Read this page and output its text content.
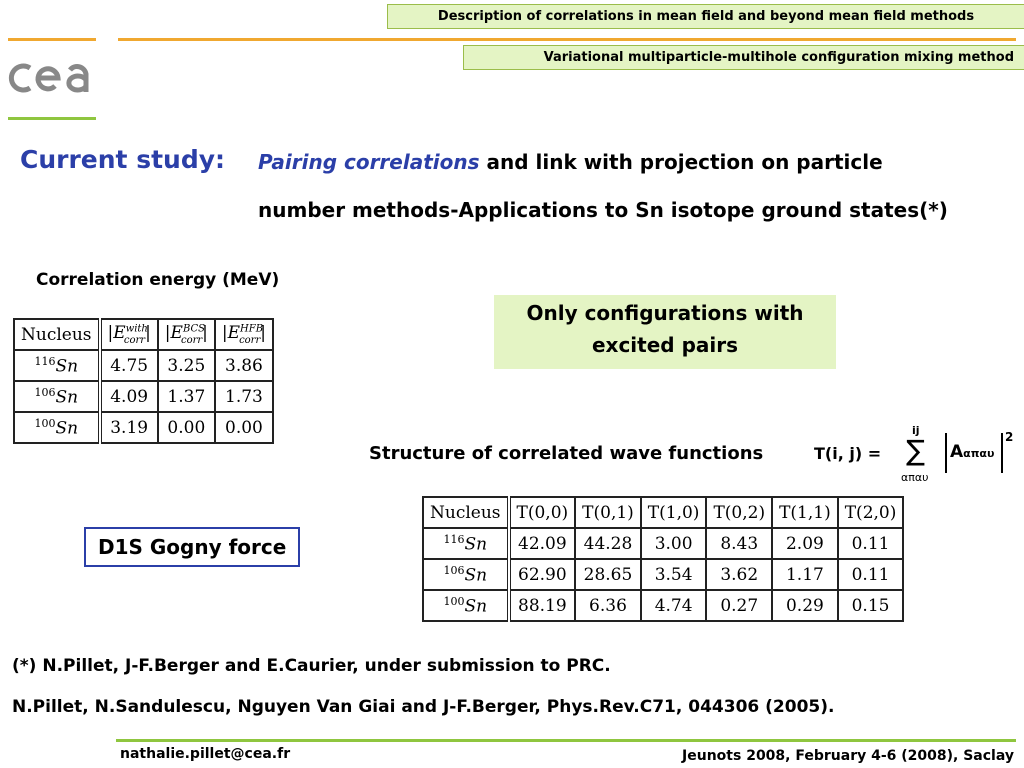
Description of correlations in mean field and beyond mean field methods
Variational multiparticle-multihole configuration mixing method
Current study: Pairing correlations and link with projection on particle
number methods-Applications to Sn isotope ground states(*)
Correlation energy (MeV)
Nucleus	$|E^{with}_{corr}|$	$|E^{BCS}_{corr}|$	$|E^{HFB}_{corr}|$
$^{116}$Sn	4.75	3.25	3.86
$^{106}$Sn	4.09	1.37	1.73
$^{100}$Sn	3.19	0.00	0.00
Only configurations with
excited pairs
Structure of correlated wave functions	T(i, j) =
ij
∑
απαυ
Aαπαυ
2
Nucleus	T(0,0)	T(0,1)	T(1,0)	T(0,2)	T(1,1)	T(2,0)
$^{116}$Sn	42.09	44.28	3.00	8.43	2.09	0.11
$^{106}$Sn	62.90	28.65	3.54	3.62	1.17	0.11
$^{100}$Sn	88.19	6.36	4.74	0.27	0.29	0.15
D1S Gogny force
(*) N.Pillet, J-F.Berger and E.Caurier, under submission to PRC.
N.Pillet, N.Sandulescu, Nguyen Van Giai and J-F.Berger, Phys.Rev.C71, 044306 (2005).
nathalie.pillet@cea.fr	Jeunots 2008, February 4-6 (2008), Saclay
